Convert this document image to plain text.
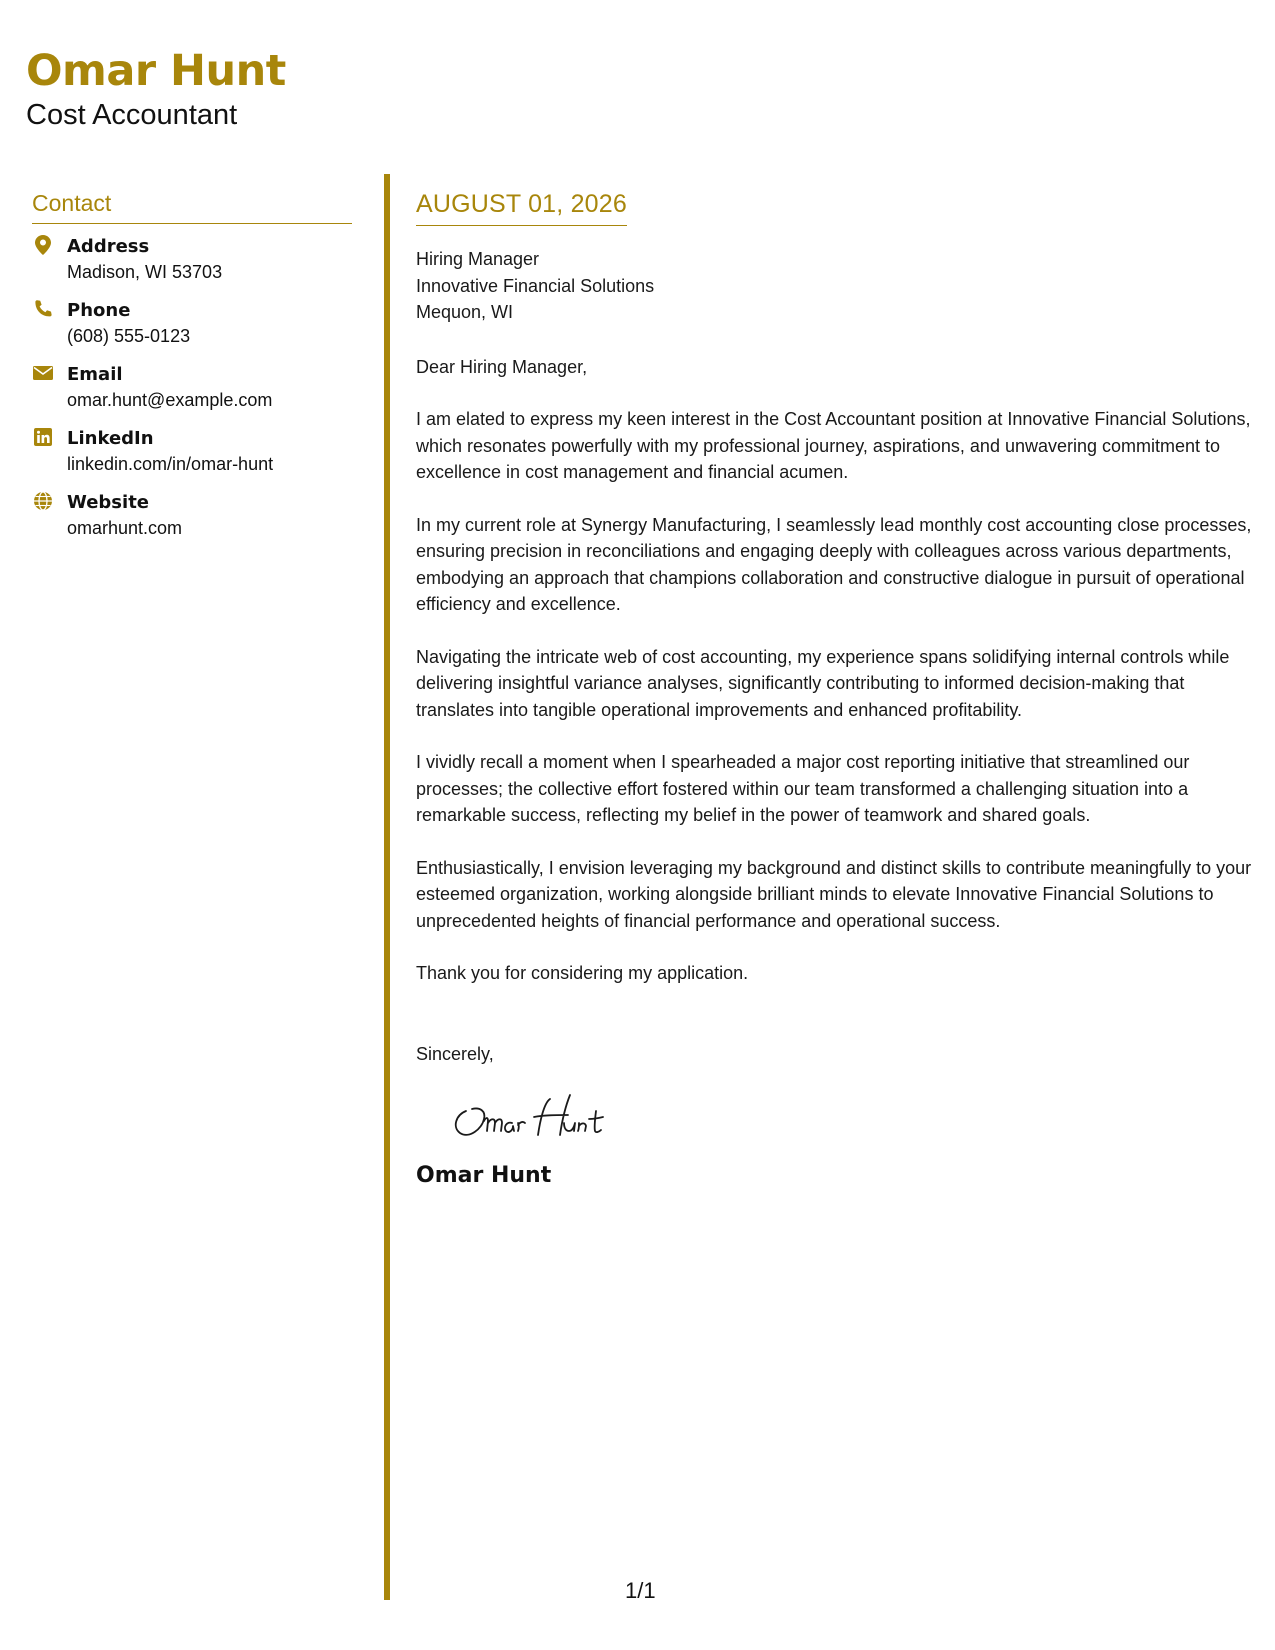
Omar Hunt
Cost Accountant
Contact
Address
Madison, WI 53703
Phone
(608) 555-0123
Email
omar.hunt@example.com
LinkedIn
linkedin.com/in/omar-hunt
Website
omarhunt.com
AUGUST 01, 2026
Hiring Manager
Innovative Financial Solutions
Mequon, WI

Dear Hiring Manager,

I am elated to express my keen interest in the Cost Accountant position at Innovative Financial Solutions, which resonates powerfully with my professional journey, aspirations, and unwavering commitment to excellence in cost management and financial acumen.

In my current role at Synergy Manufacturing, I seamlessly lead monthly cost accounting close processes, ensuring precision in reconciliations and engaging deeply with colleagues across various departments, embodying an approach that champions collaboration and constructive dialogue in pursuit of operational efficiency and excellence.

Navigating the intricate web of cost accounting, my experience spans solidifying internal controls while delivering insightful variance analyses, significantly contributing to informed decision-making that translates into tangible operational improvements and enhanced profitability.

I vividly recall a moment when I spearheaded a major cost reporting initiative that streamlined our processes; the collective effort fostered within our team transformed a challenging situation into a remarkable success, reflecting my belief in the power of teamwork and shared goals.

Enthusiastically, I envision leveraging my background and distinct skills to contribute meaningfully to your esteemed organization, working alongside brilliant minds to elevate Innovative Financial Solutions to unprecedented heights of financial performance and operational success.

Thank you for considering my application.

Sincerely,

Omar Hunt
1/1
